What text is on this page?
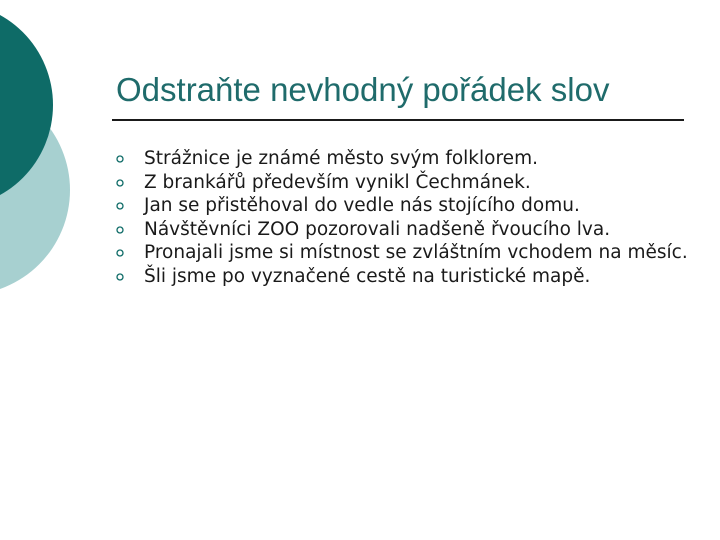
Odstraňte nevhodný pořádek slov
Strážnice je známé město svým folklorem.
Z brankářů především vynikl Čechmánek.
Jan se přistěhoval do vedle nás stojícího domu.
Návštěvníci ZOO pozorovali nadšeně řvoucího lva.
Pronajali jsme si místnost se zvláštním vchodem na měsíc.
Šli jsme po vyznačené cestě na turistické mapě.
